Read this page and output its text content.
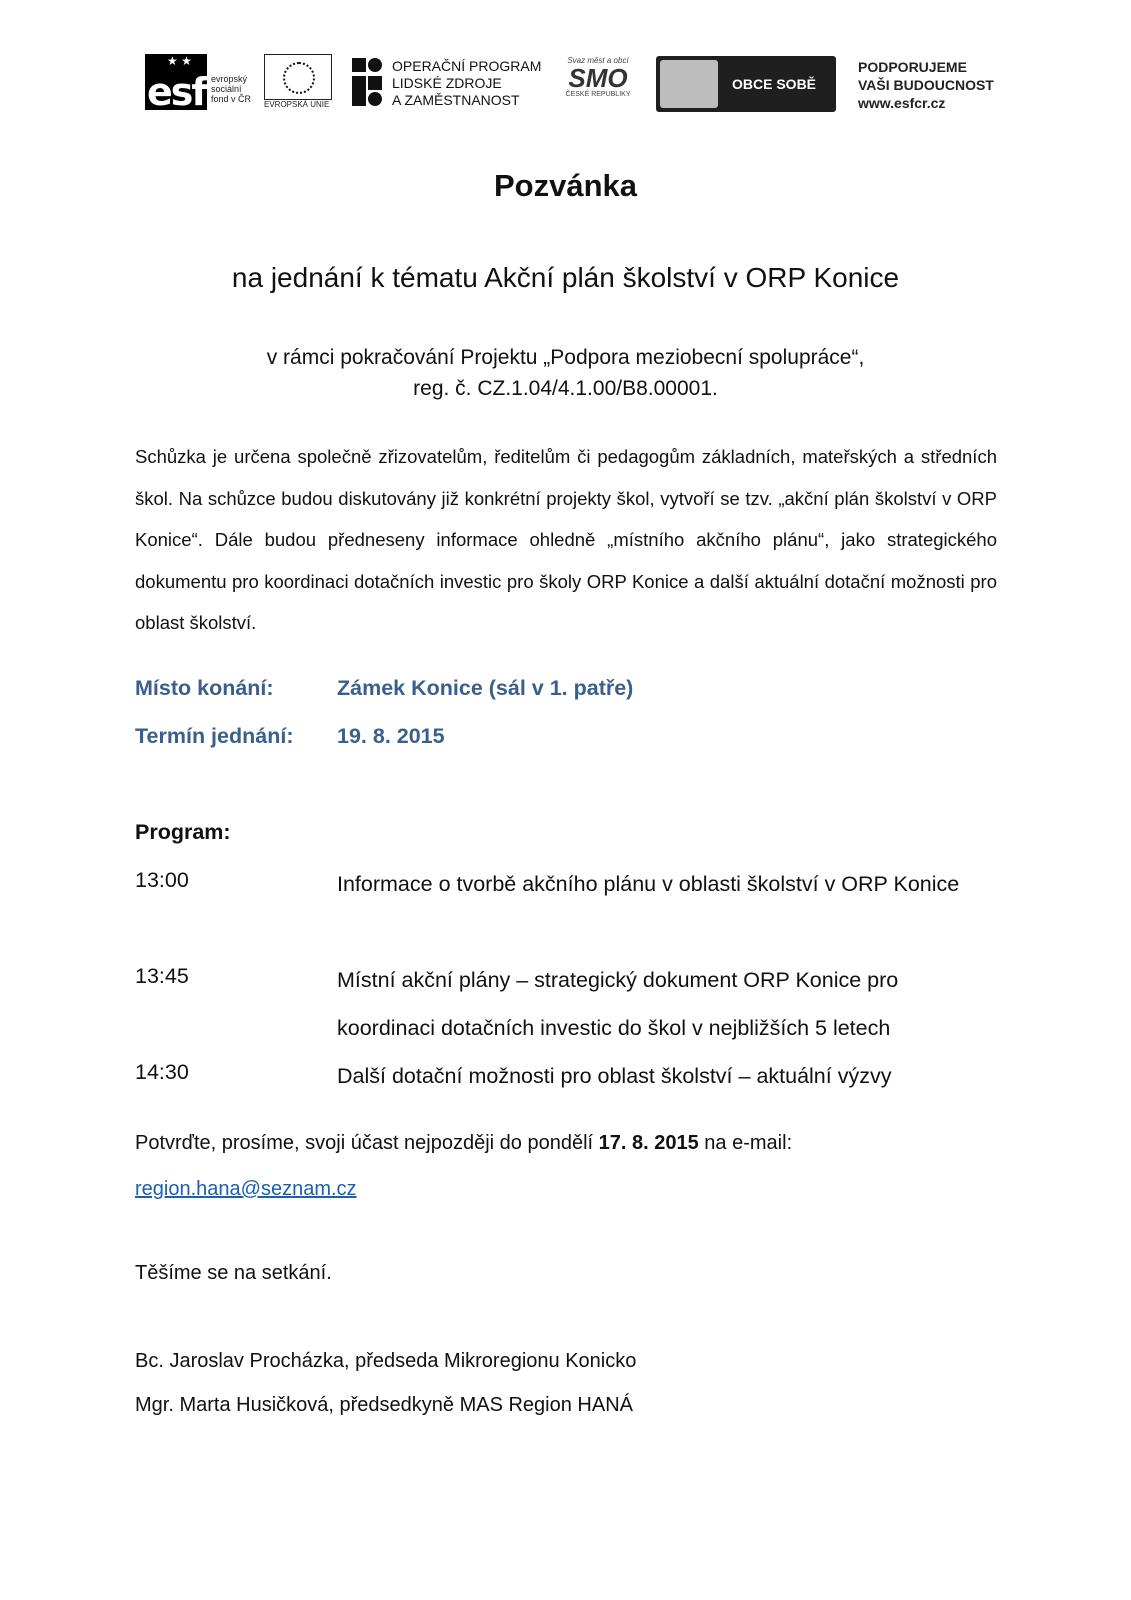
★ ★
esf evropský
sociální
fond v ČR
EVROPSKÁ UNIE
OPERAČNÍ PROGRAM
LIDSKÉ ZDROJE
A ZAMĚSTNANOST
Svaz měst a obcí
SMO
ČESKÉ REPUBLIKY
OBCE SOBĚ
PODPORUJEME
VAŠI BUDOUCNOST
www.esfcr.cz
Pozvánka
na jednání k tématu Akční plán školství v ORP Konice
v rámci pokračování Projektu „Podpora meziobecní spolupráce“,
reg. č. CZ.1.04/4.1.00/B8.00001.

Schůzka je určena společně zřizovatelům, ředitelům či pedagogům základních, mateřských a středních škol. Na schůzce budou diskutovány již konkrétní projekty škol, vytvoří se tzv. „akční plán školství v ORP Konice“. Dále budou předneseny informace ohledně „místního akčního plánu“, jako strategického dokumentu pro koordinaci dotačních investic pro školy ORP Konice a další aktuální dotační možnosti pro oblast školství.

Místo konání:	Zámek Konice (sál v 1. patře)
Termín jednání: 19. 8. 2015
Program:
13:00	Informace o tvorbě akčního plánu v oblasti školství v ORP Konice
13:45	Místní akční plány – strategický dokument ORP Konice pro koordinaci dotačních investic do škol v nejbližších 5 letech
14:30	Další dotační možnosti pro oblast školství – aktuální výzvy
Potvrďte, prosíme, svoji účast nejpozději do pondělí 17. 8. 2015 na e-mail:
region.hana@seznam.cz
Těšíme se na setkání.
Bc. Jaroslav Procházka, předseda Mikroregionu Konicko
Mgr. Marta Husičková, předsedkyně MAS Region HANÁ
